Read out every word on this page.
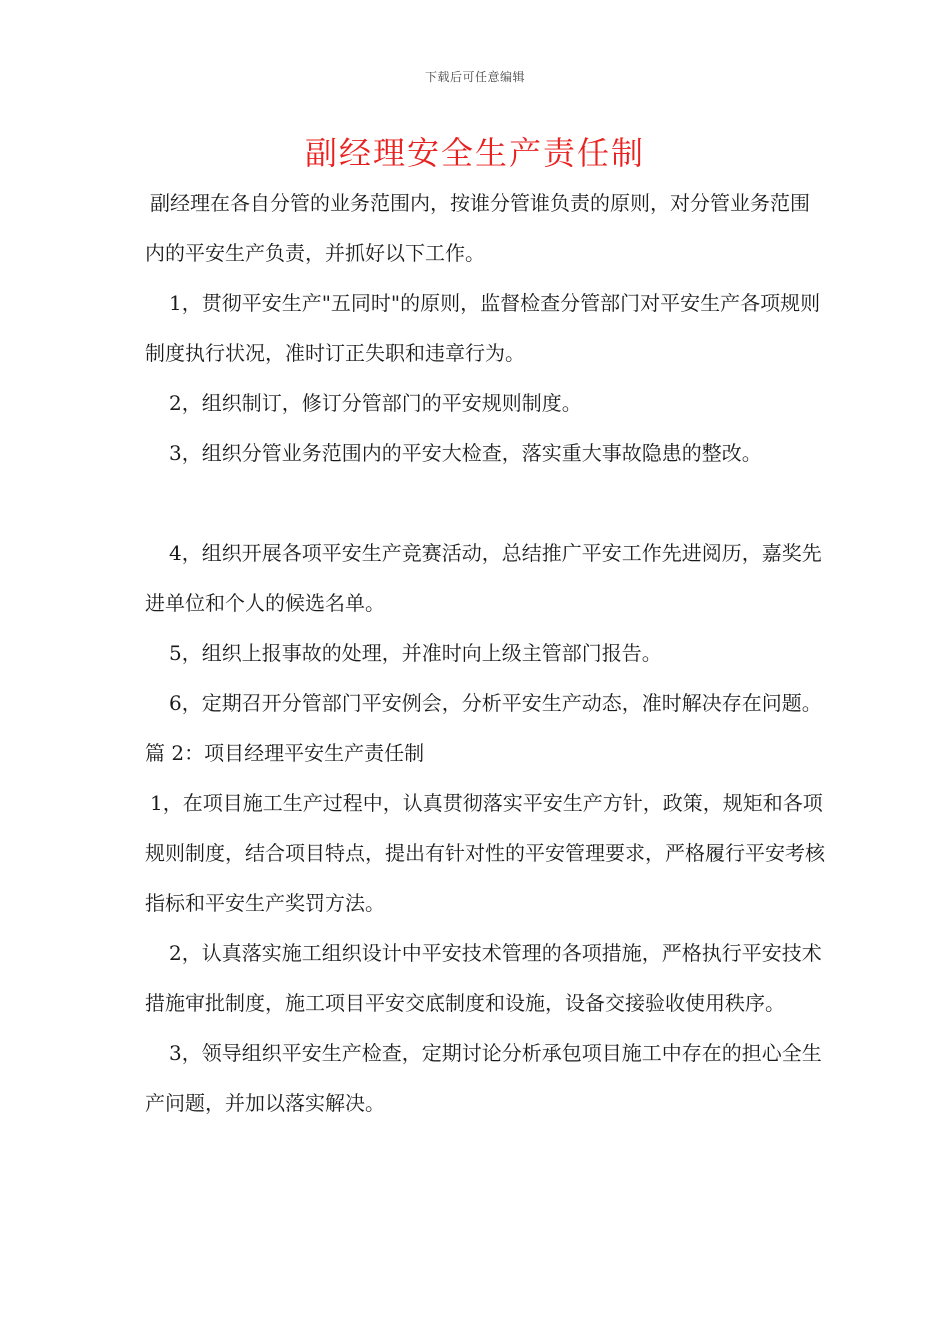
下载后可任意编辑
副经理安全生产责任制

副经理在各自分管的业务范围内，按谁分管谁负责的原则，对分管业务范围内的平安生产负责，并抓好以下工作。

1，贯彻平安生产"五同时"的原则，监督检查分管部门对平安生产各项规则制度执行状况，准时订正失职和违章行为。

2，组织制订，修订分管部门的平安规则制度。

3，组织分管业务范围内的平安大检查，落实重大事故隐患的整改。

4，组织开展各项平安生产竞赛活动，总结推广平安工作先进阅历，嘉奖先进单位和个人的候选名单。

5，组织上报事故的处理，并准时向上级主管部门报告。

6，定期召开分管部门平安例会，分析平安生产动态，准时解决存在问题。

篇 2：项目经理平安生产责任制

1，在项目施工生产过程中，认真贯彻落实平安生产方针，政策，规矩和各项规则制度，结合项目特点，提出有针对性的平安管理要求，严格履行平安考核指标和平安生产奖罚方法。

2，认真落实施工组织设计中平安技术管理的各项措施，严格执行平安技术措施审批制度，施工项目平安交底制度和设施，设备交接验收使用秩序。

3，领导组织平安生产检查，定期讨论分析承包项目施工中存在的担心全生产问题，并加以落实解决。
